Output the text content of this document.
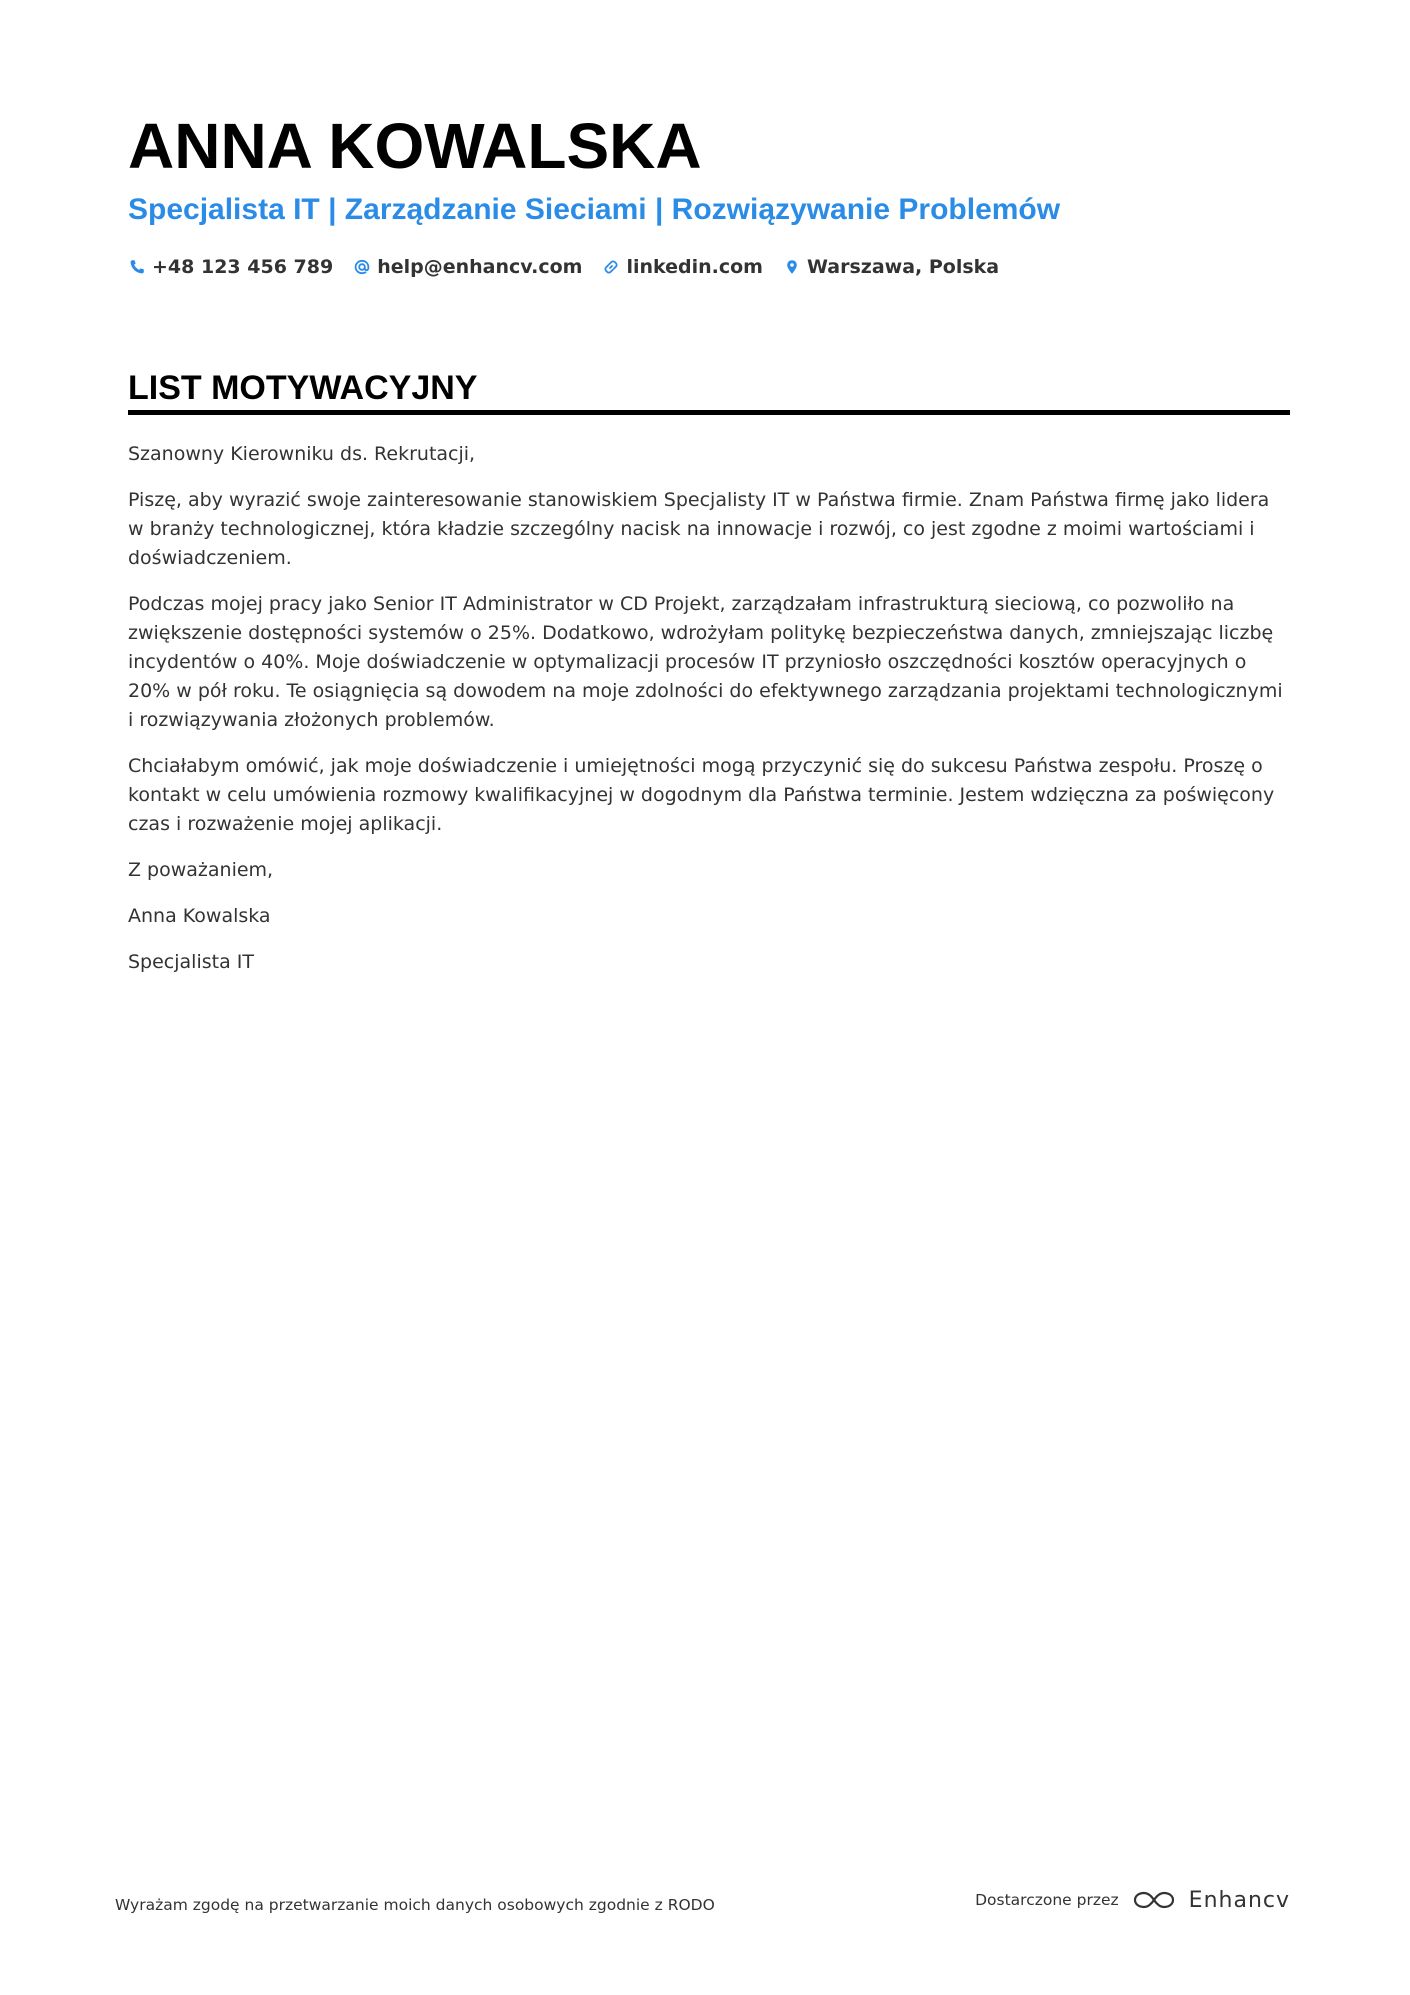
ANNA KOWALSKA
Specjalista IT | Zarządzanie Sieciami | Rozwiązywanie Problemów
+48 123 456 789 help@enhancv.com linkedin.com Warszawa, Polska
LIST MOTYWACYJNY

Szanowny Kierowniku ds. Rekrutacji,

Piszę, aby wyrazić swoje zainteresowanie stanowiskiem Specjalisty IT w Państwa firmie. Znam Państwa firmę jako lidera w branży technologicznej, która kładzie szczególny nacisk na innowacje i rozwój, co jest zgodne z moimi wartościami i doświadczeniem.

Podczas mojej pracy jako Senior IT Administrator w CD Projekt, zarządzałam infrastrukturą sieciową, co pozwoliło na zwiększenie dostępności systemów o 25%. Dodatkowo, wdrożyłam politykę bezpieczeństwa danych, zmniejszając liczbę incydentów o 40%. Moje doświadczenie w optymalizacji procesów IT przyniosło oszczędności kosztów operacyjnych o 20% w pół roku. Te osiągnięcia są dowodem na moje zdolności do efektywnego zarządzania projektami technologicznymi i rozwiązywania złożonych problemów.

Chciałabym omówić, jak moje doświadczenie i umiejętności mogą przyczynić się do sukcesu Państwa zespołu. Proszę o kontakt w celu umówienia rozmowy kwalifikacyjnej w dogodnym dla Państwa terminie. Jestem wdzięczna za poświęcony czas i rozważenie mojej aplikacji.

Z poważaniem,

Anna Kowalska

Specjalista IT

Wyrażam zgodę na przetwarzanie moich danych osobowych zgodnie z RODO	Dostarczone przez	Enhancv
